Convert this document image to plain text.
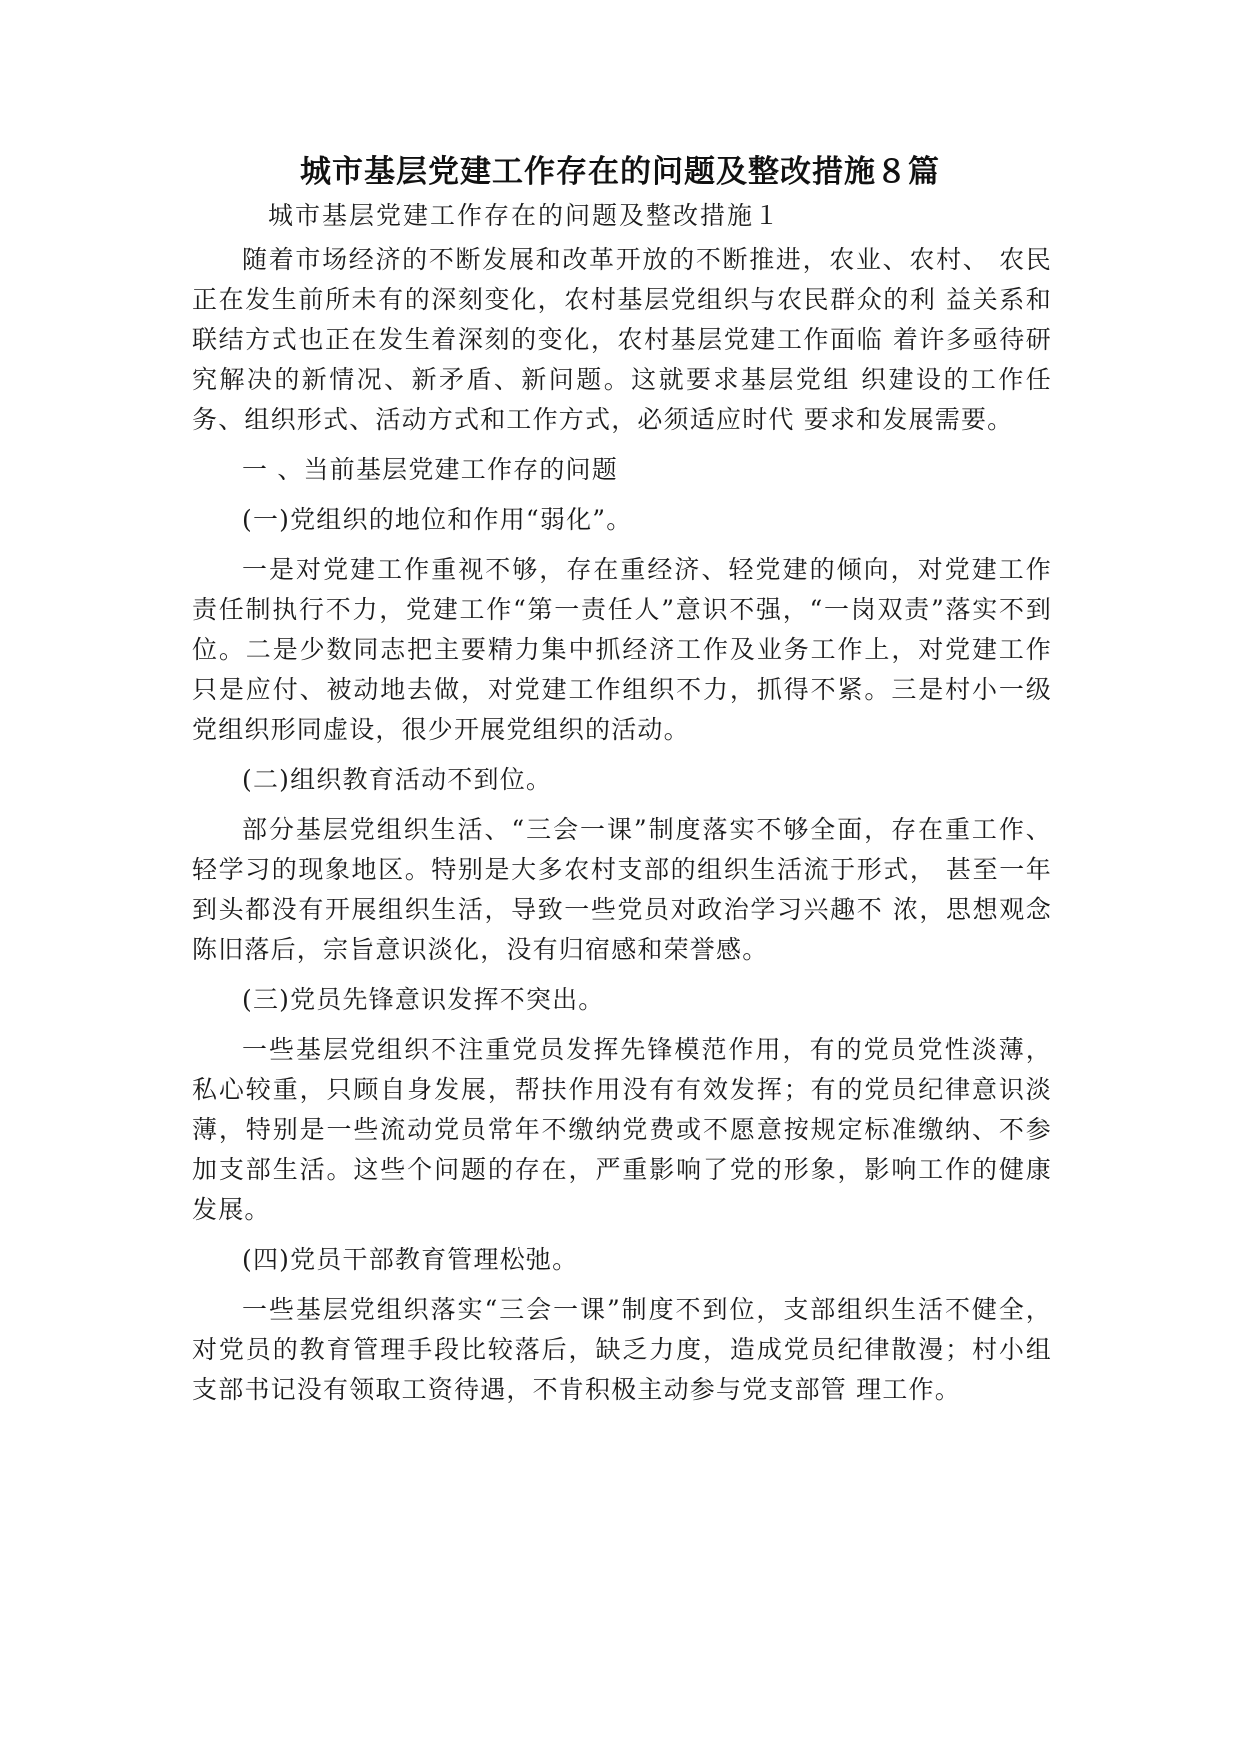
城市基层党建工作存在的问题及整改措施８篇

城市基层党建工作存在的问题及整改措施１

随着市场经济的不断发展和改革开放的不断推进，农业、农村、 农民正在发生前所未有的深刻变化，农村基层党组织与农民群众的利 益关系和联结方式也正在发生着深刻的变化，农村基层党建工作面临 着许多亟待研究解决的新情况、新矛盾、新问题。这就要求基层党组 织建设的工作任务、组织形式、活动方式和工作方式，必须适应时代 要求和发展需要。

一 、当前基层党建工作存的问题

(一)党组织的地位和作用“弱化”。

一是对党建工作重视不够，存在重经济、轻党建的倾向，对党建工作责任制执行不力，党建工作“第一责任人”意识不强，“一岗双责”落实不到位。二是少数同志把主要精力集中抓经济工作及业务工作上，对党建工作只是应付、被动地去做，对党建工作组织不力，抓得不紧。三是村小一级党组织形同虚设，很少开展党组织的活动。

(二)组织教育活动不到位。

部分基层党组织生活、“三会一课”制度落实不够全面，存在重工作、轻学习的现象地区。特别是大多农村支部的组织生活流于形式， 甚至一年到头都没有开展组织生活，导致一些党员对政治学习兴趣不 浓，思想观念陈旧落后，宗旨意识淡化，没有归宿感和荣誉感。

(三)党员先锋意识发挥不突出。

一些基层党组织不注重党员发挥先锋模范作用，有的党员党性淡薄，私心较重，只顾自身发展，帮扶作用没有有效发挥；有的党员纪律意识淡薄，特别是一些流动党员常年不缴纳党费或不愿意按规定标准缴纳、不参加支部生活。这些个问题的存在，严重影响了党的形象，影响工作的健康发展。

(四)党员干部教育管理松弛。

一些基层党组织落实“三会一课”制度不到位，支部组织生活不健全，对党员的教育管理手段比较落后，缺乏力度，造成党员纪律散漫；村小组支部书记没有领取工资待遇，不肯积极主动参与党支部管 理工作。
